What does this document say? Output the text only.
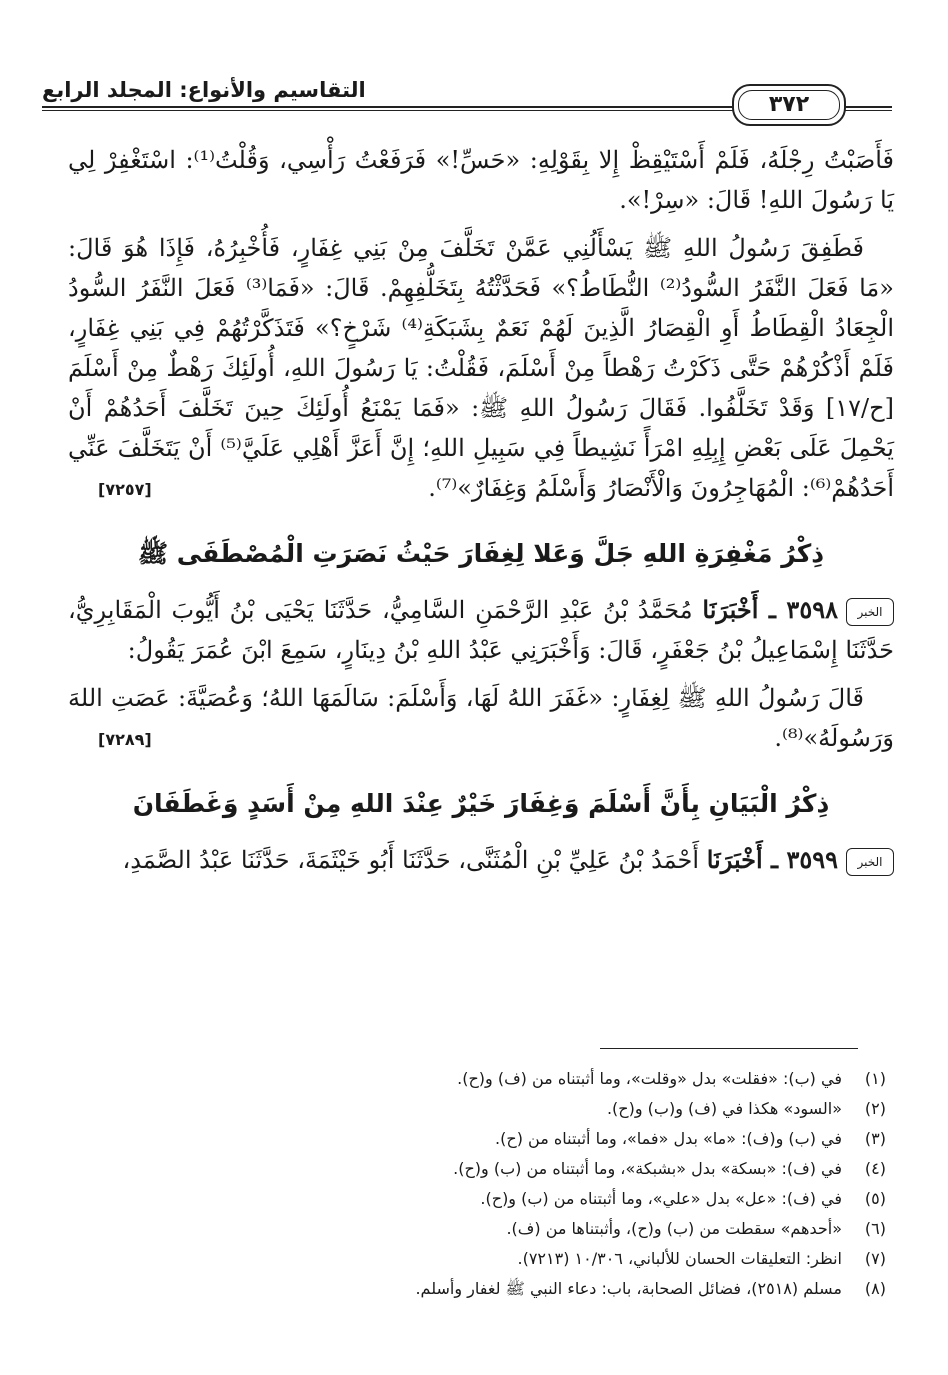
التقاسيم والأنواع: المجلد الرابع
٣٧٢

فَأَصَبْتُ رِجْلَهُ، فَلَمْ أَسْتَيْقِظْ إِلا بِقَوْلِهِ: «حَسِّ!» فَرَفَعْتُ رَأْسِي، وَقُلْتُ⁽¹⁾: اسْتَغْفِرْ لِي يَا رَسُولَ اللهِ! قَالَ: «سِرْ!».

فَطَفِقَ رَسُولُ اللهِ ﷺ يَسْأَلُنِي عَمَّنْ تَخَلَّفَ مِنْ بَنِي غِفَارٍ، فَأُخْبِرُهُ، فَإِذَا هُوَ قَالَ: «مَا فَعَلَ النَّفَرُ السُّودُ⁽²⁾ النُّطَاطُ؟» فَحَدَّثْتُهُ بِتَخَلُّفِهِمْ. قَالَ: «فَمَا⁽³⁾ فَعَلَ النَّفَرُ السُّودُ الْجِعَادُ الْقِطَاطُ أَوِ الْقِصَارُ الَّذِينَ لَهُمْ نَعَمٌ بِشَبَكَةِ⁽⁴⁾ شَرْخٍ؟» فَتَذَكَّرْتُهُمْ فِي بَنِي غِفَارٍ، فَلَمْ أَذْكُرْهُمْ حَتَّى ذَكَرْتُ رَهْطاً مِنْ أَسْلَمَ، فَقُلْتُ: يَا رَسُولَ اللهِ، أُولَئِكَ رَهْطٌ مِنْ أَسْلَمَ [ح/١٧] وَقَدْ تَخَلَّفُوا. فَقَالَ رَسُولُ اللهِ ﷺ: «فَمَا يَمْنَعُ أُولَئِكَ حِينَ تَخَلَّفَ أَحَدُهُمْ أَنْ يَحْمِلَ عَلَى بَعْضِ إِبِلِهِ امْرَأً نَشِيطاً فِي سَبِيلِ اللهِ؛ إِنَّ أَعَزَّ أَهْلِي عَلَيَّ⁽⁵⁾ أَنْ يَتَخَلَّفَ عَنِّي أَحَدُهُمْ⁽⁶⁾: الْمُهَاجِرُونَ وَالْأَنْصَارُ وَأَسْلَمُ وَغِفَارٌ»⁽⁷⁾.
[٧٢٥٧]

ذِكْرُ مَغْفِرَةِ اللهِ جَلَّ وَعَلا لِغِفَارَ حَيْثُ نَصَرَتِ الْمُصْطَفَى ﷺ

الخبر٣٥٩٨ ـ أَخْبَرَنَا مُحَمَّدُ بْنُ عَبْدِ الرَّحْمَنِ السَّامِيُّ، حَدَّثَنَا يَحْيَى بْنُ أَيُّوبَ الْمَقَابِرِيُّ، حَدَّثَنَا إِسْمَاعِيلُ بْنُ جَعْفَرٍ، قَالَ: وَأَخْبَرَنِي عَبْدُ اللهِ بْنُ دِينَارٍ، سَمِعَ ابْنَ عُمَرَ يَقُولُ:

قَالَ رَسُولُ اللهِ ﷺ لِغِفَارٍ: «غَفَرَ اللهُ لَهَا، وَأَسْلَمَ: سَالَمَهَا اللهُ؛ وَعُصَيَّةَ: عَصَتِ اللهَ وَرَسُولَهُ»⁽⁸⁾.
[٧٢٨٩]

ذِكْرُ الْبَيَانِ بِأَنَّ أَسْلَمَ وَغِفَارَ خَيْرٌ عِنْدَ اللهِ مِنْ أَسَدٍ وَغَطَفَانَ

الخبر٣٥٩٩ ـ أَخْبَرَنَا أَحْمَدُ بْنُ عَلِيِّ بْنِ الْمُثَنَّى، حَدَّثَنَا أَبُو خَيْثَمَةَ، حَدَّثَنَا عَبْدُ الصَّمَدِ،

(١)في (ب): «فقلت» بدل «وقلت»، وما أثبتناه من (ف) و(ح).
(٢)«السود» هكذا في (ف) و(ب) و(ح).
(٣)في (ب) و(ف): «ما» بدل «فما»، وما أثبتناه من (ح).
(٤)في (ف): «بسكة» بدل «بشبكة»، وما أثبتناه من (ب) و(ح).
(٥)في (ف): «عل» بدل «علي»، وما أثبتناه من (ب) و(ح).
(٦)«أحدهم» سقطت من (ب) و(ح)، وأثبتناها من (ف).
(٧)انظر: التعليقات الحسان للألباني، ١٠/٣٠٦ (٧٢١٣).
(٨)مسلم (٢٥١٨)، فضائل الصحابة، باب: دعاء النبي ﷺ لغفار وأسلم.
